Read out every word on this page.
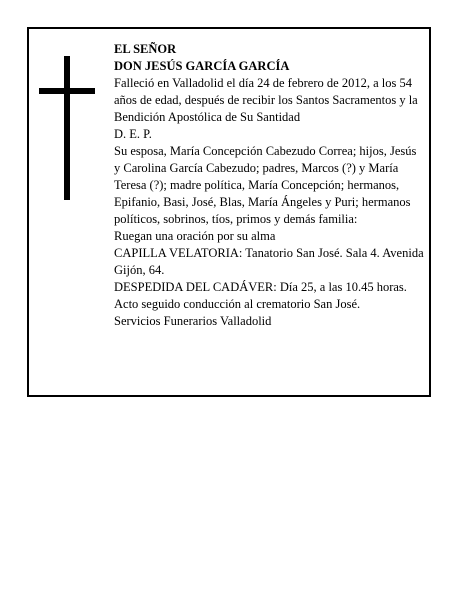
EL SEÑOR

DON JESÚS GARCÍA GARCÍA

Falleció en Valladolid el día 24 de febrero de 2012, a los 54 años de edad, después de recibir los Santos Sacramentos y la Bendición Apostólica de Su Santidad

D. E. P.

Su esposa, María Concepción Cabezudo Correa; hijos, Jesús y Carolina García Cabezudo; padres, Marcos (?) y María Teresa (?); madre política, María Concepción; hermanos, Epifanio, Basi, José, Blas, María Ángeles y Puri; hermanos políticos, sobrinos, tíos, primos y demás familia:

Ruegan una oración por su alma

CAPILLA VELATORIA: Tanatorio San José. Sala 4. Avenida Gijón, 64.

DESPEDIDA DEL CADÁVER: Día 25, a las 10.45 horas. Acto seguido conducción al crematorio San José.

Servicios Funerarios Valladolid
